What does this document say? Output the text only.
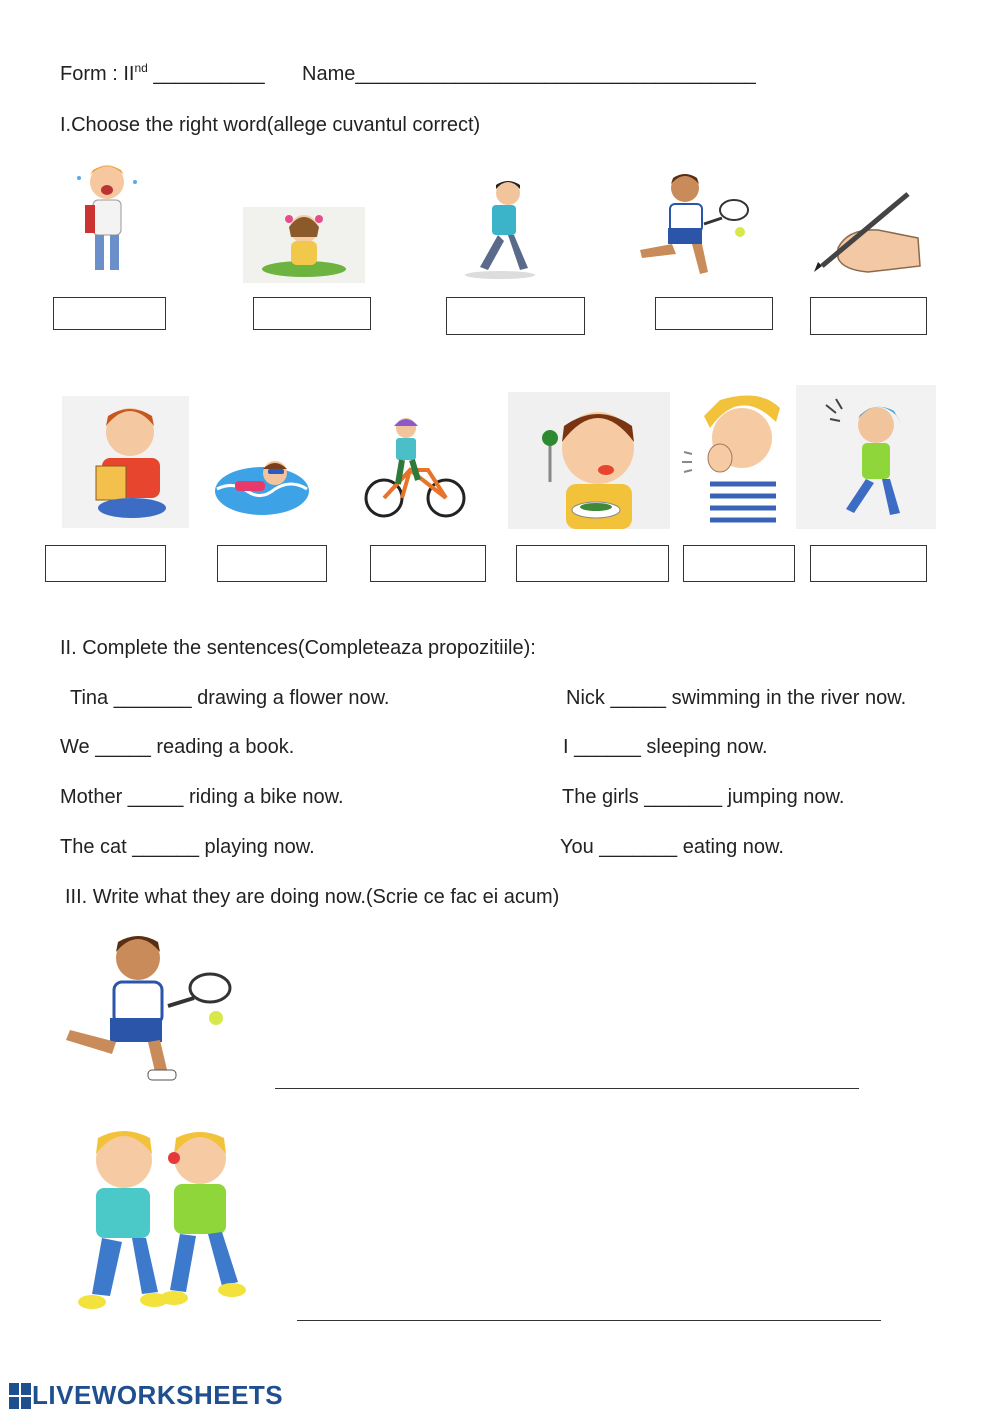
Form : IInd __________ Name____________________________________
I.Choose the right word(allege cuvantul correct)
II. Complete the sentences(Completeaza propozitiile):
Tina _______ drawing a flower now.
We _____ reading a book.
Mother _____ riding a bike now.
The cat ______ playing now.
Nick _____ swimming in the river now.
I ______ sleeping now.
The girls _______ jumping now.
You _______ eating now.
III. Write what they are doing now.(Scrie ce fac ei acum)
LIVEWORKSHEETS
